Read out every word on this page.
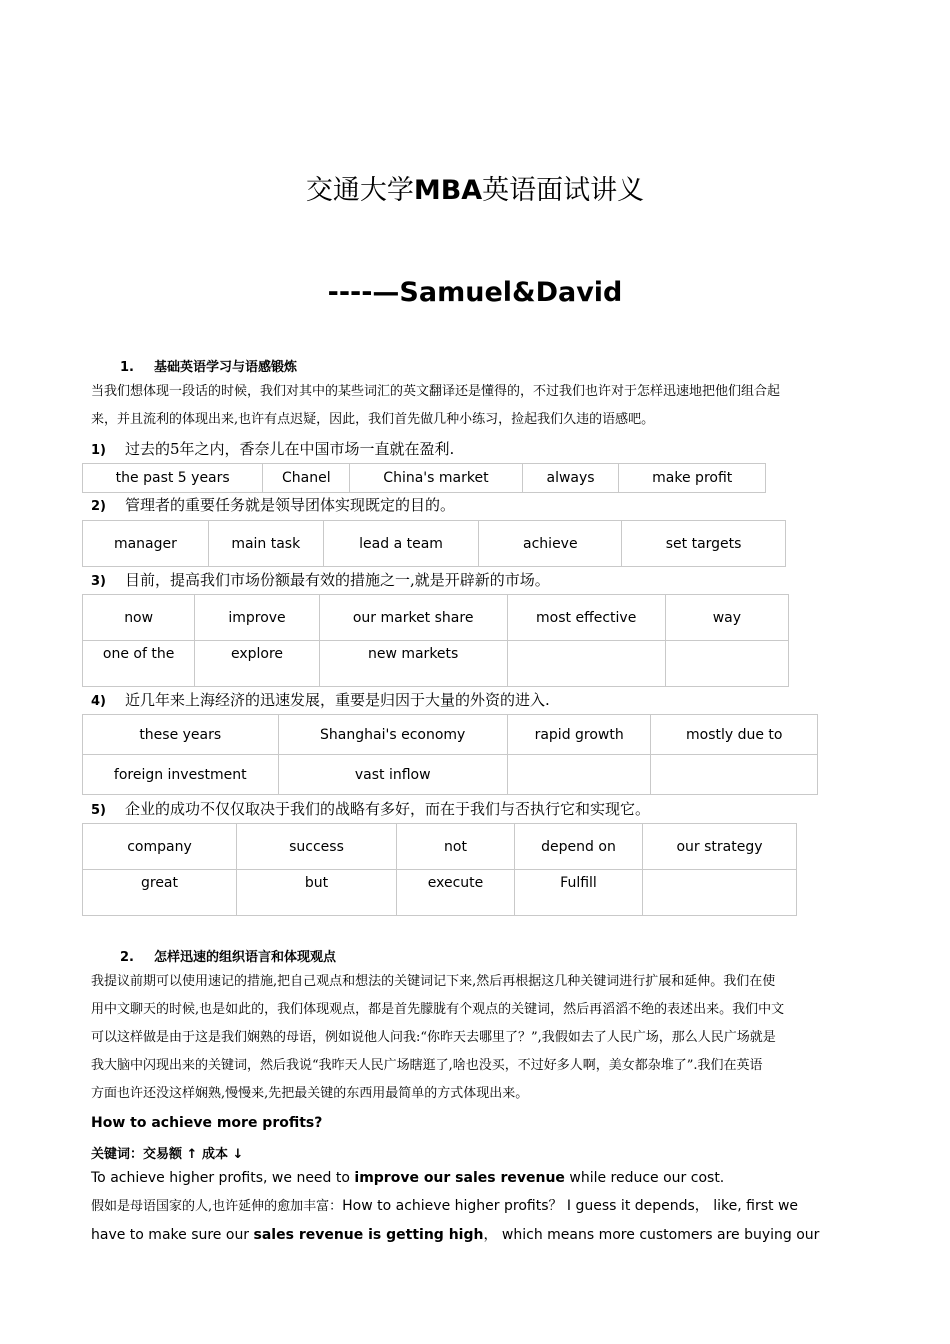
交通大学MBA英语面试讲义
----—Samuel&David
1. 基础英语学习与语感锻炼
当我们想体现一段话的时候，我们对其中的某些词汇的英文翻译还是懂得的，不过我们也许对于怎样迅速地把他们组合起
来，并且流利的体现出来,也许有点迟疑，因此，我们首先做几种小练习，捡起我们久违的语感吧。
1) 过去的5年之内，香奈儿在中国市场一直就在盈利.
the past 5 years	Chanel	China's market	always	make profit
2) 管理者的重要任务就是领导团体实现既定的目的。
manager	main task	lead a team	achieve	set targets
3) 目前，提高我们市场份额最有效的措施之一,就是开辟新的市场。
now	improve	our market share	most effective	way
one of the	explore	new markets		
4) 近几年来上海经济的迅速发展，重要是归因于大量的外资的进入.
these years	Shanghai's economy	rapid growth	mostly due to
foreign investment	vast inflow		
5) 企业的成功不仅仅取决于我们的战略有多好，而在于我们与否执行它和实现它。
company	success	not	depend on	our strategy
great	but	execute	Fulfill	
2. 怎样迅速的组织语言和体现观点
我提议前期可以使用速记的措施,把自己观点和想法的关键词记下来,然后再根据这几种关键词进行扩展和延伸。我们在使
用中文聊天的时候,也是如此的，我们体现观点，都是首先朦胧有个观点的关键词，然后再滔滔不绝的表述出来。我们中文
可以这样做是由于这是我们娴熟的母语，例如说他人问我:“你昨天去哪里了？”,我假如去了人民广场，那么人民广场就是
我大脑中闪现出来的关键词，然后我说“我昨天人民广场瞎逛了,啥也没买，不过好多人啊，美女都杂堆了”.我们在英语
方面也许还没这样娴熟,慢慢来,先把最关键的东西用最简单的方式体现出来。
How to achieve more profits?
关键词：交易额 ↑ 成本 ↓
To achieve higher profits, we need to improve our sales revenue while reduce our cost.
假如是母语国家的人,也许延伸的愈加丰富：How to achieve higher profits？ I guess it depends， like, first we
have to make sure our sales revenue is getting high， which means more customers are buying our
